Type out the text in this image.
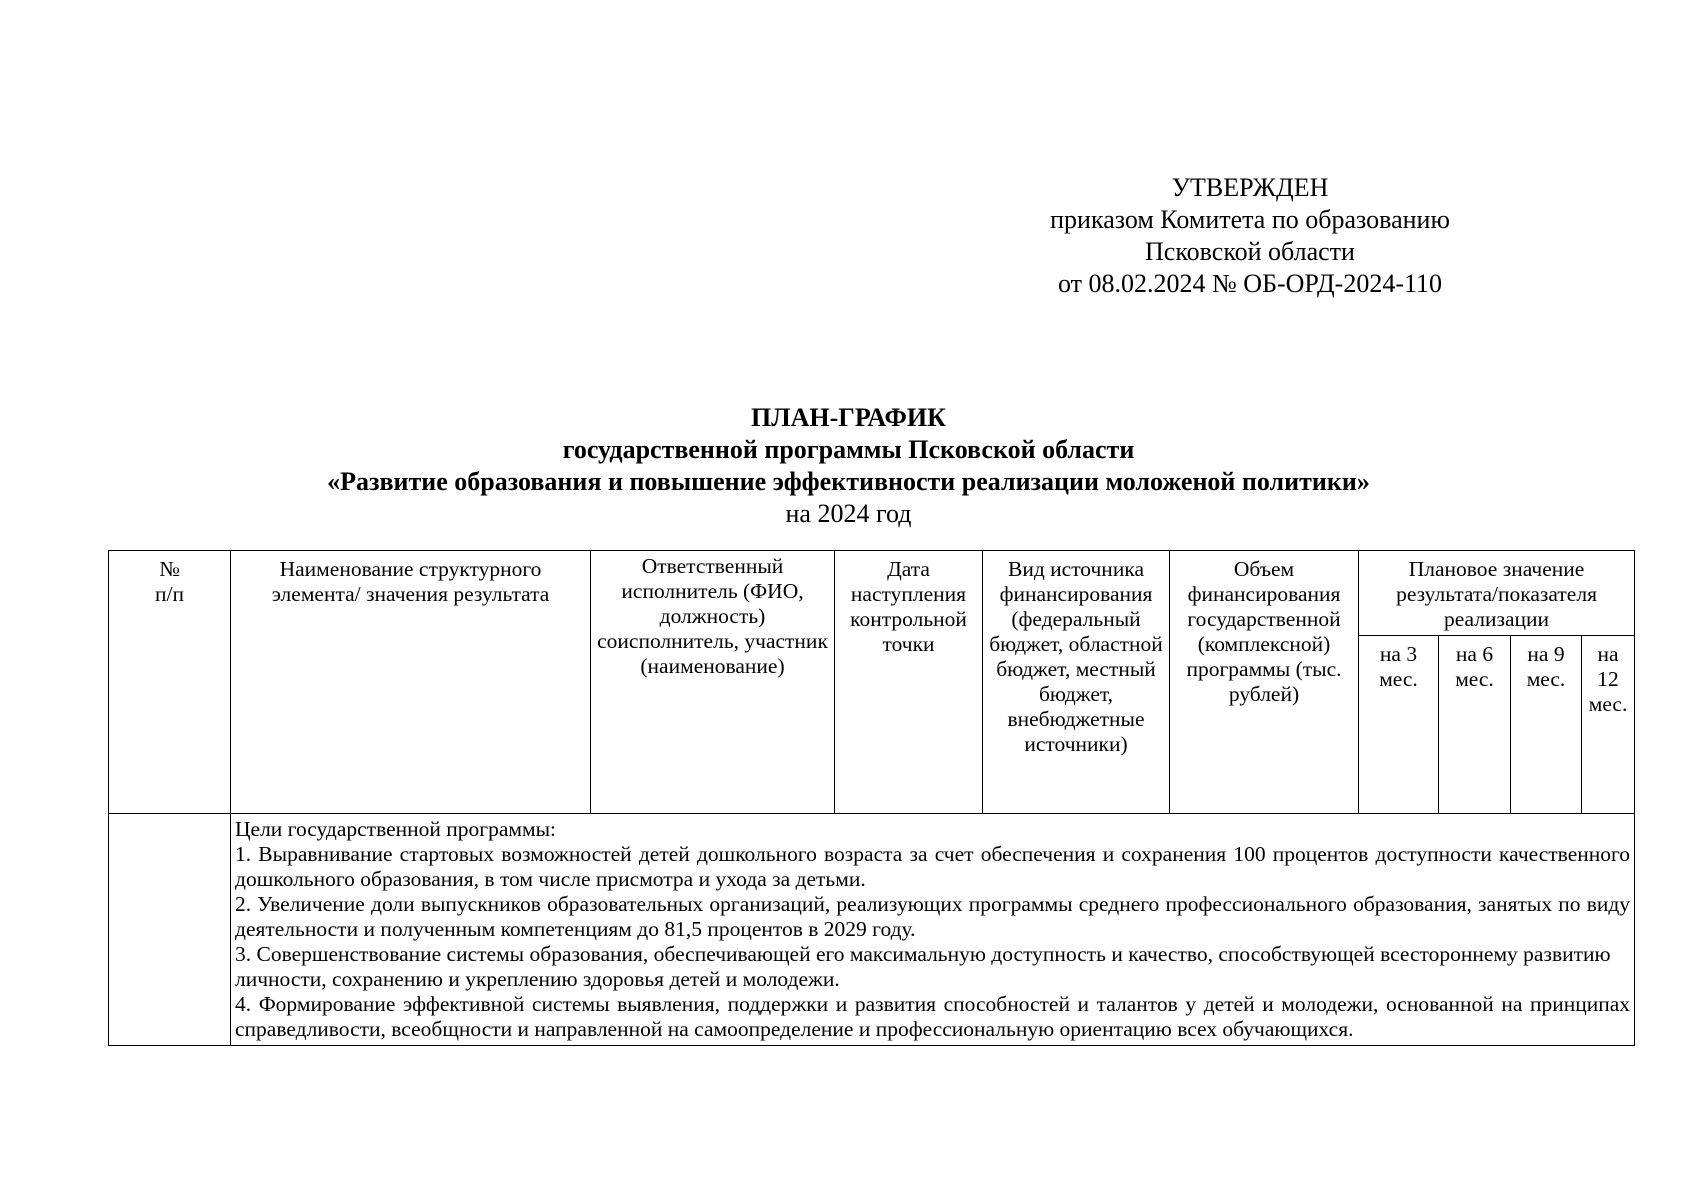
УТВЕРЖДЕН
приказом Комитета по образованию
Псковской области
от 08.02.2024 № ОБ-ОРД-2024-110
ПЛАН-ГРАФИК
государственной программы Псковской области
«Развитие образования и повышение эффективности реализации моложеной политики»
на 2024 год
№
п/п	Наименование структурного элемента/ значения результата	Ответственный исполнитель (ФИО, должность) соисполнитель, участник (наименование)	Дата наступления контрольной точки	Вид источника финансирования (федеральный бюджет, областной бюджет, местный бюджет, внебюджетные источники)	Объем финансирования государственной (комплексной) программы (тыс. рублей)	Плановое значение результата/показателя реализации			
						на 3 мес.	на 6 мес.	на 9 мес.	на 12 мес.

	Цели государственной программы:

1. Выравнивание стартовых возможностей детей дошкольного возраста за счет обеспечения и сохранения 100 процентов доступности качественного дошкольного образования, в том числе присмотра и ухода за детьми.

2. Увеличение доли выпускников образовательных организаций, реализующих программы среднего профессионального образования, занятых по виду деятельности и полученным компетенциям до 81,5 процентов в 2029 году.

3. Совершенствование системы образования, обеспечивающей его максимальную доступность и качество, способствующей всестороннему развитию личности, сохранению и укреплению здоровья детей и молодежи.

4. Формирование эффективной системы выявления, поддержки и развития способностей и талантов у детей и молодежи, основанной на принципах справедливости, всеобщности и направленной на самоопределение и профессиональную ориентацию всех обучающихся.								
